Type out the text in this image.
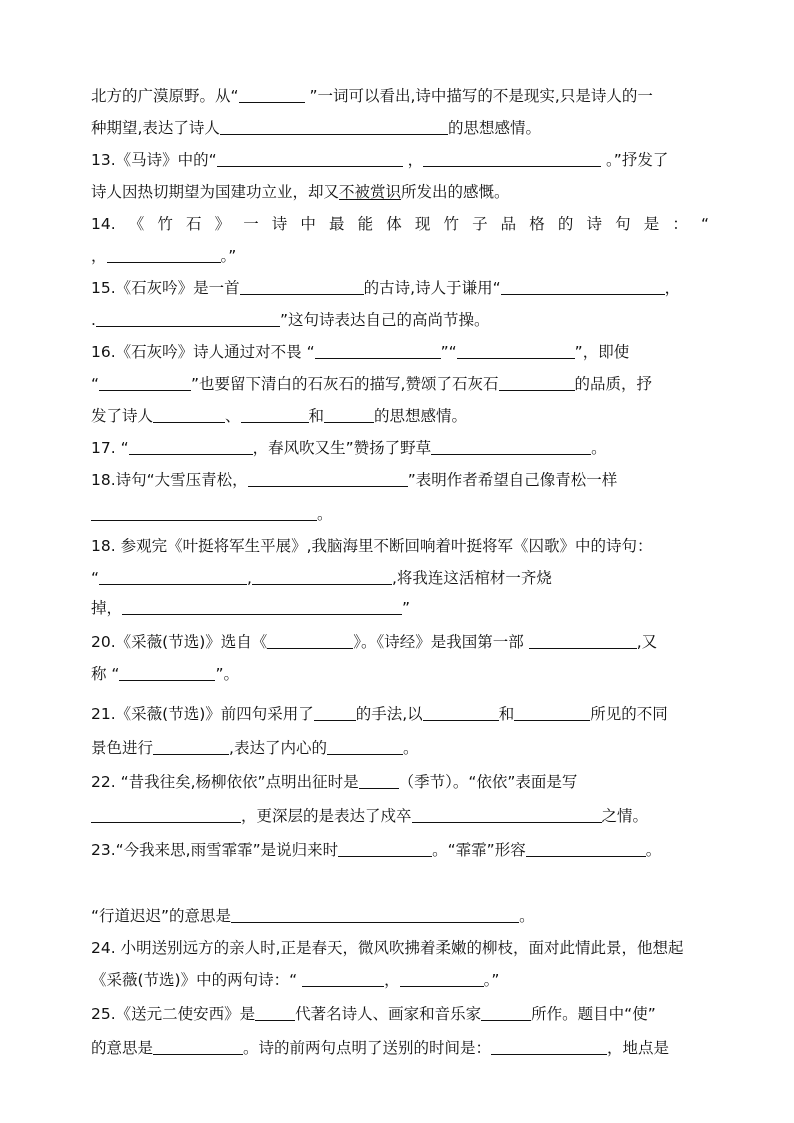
北方的广漠原野。从“	”一词可以看出,诗中描写的不是现实,只是诗人的一
种期望,表达了诗人	的思想感情。
13.《马诗》中的“	，	。”抒发了
诗人因热切期望为国建功立业，却又不被赏识所发出的感慨。
14. 《 竹 石 》 一 诗 中 最 能 体 现 竹 子 品 格 的 诗 句 是 ： “
，	。”
15.《石灰吟》是一首	的古诗,诗人于谦用“	，
.	”这句诗表达自己的高尚节操。
16.《石灰吟》诗人通过对不畏 “	”“	”，即使
“	”也要留下清白的石灰石的描写,赞颂了石灰石	的品质，抒
发了诗人	、	和	的思想感情。
17. “	，春风吹又生”赞扬了野草	。
18.诗句“大雪压青松，	”表明作者希望自己像青松一样
。
18. 参观完《叶挺将军生平展》,我脑海里不断回响着叶挺将军《囚歌》中的诗句：
“	,	,将我连这活棺材一齐烧
掉，	”
20.《采薇(节选)》选自《	》。《诗经》是我国第一部	,又
称 “	”。
21.《采薇(节选)》前四句采用了	的手法,以	和	所见的不同
景色进行	,表达了内心的	。
22. “昔我往矣,杨柳依依”点明出征时是	（季节）。“依依”表面是写
，更深层的是表达了戍卒	之情。
23.“今我来思,雨雪霏霏”是说归来时	。“霏霏”形容	。
“行道迟迟”的意思是	。
24. 小明送别远方的亲人时,正是春天，微风吹拂着柔嫩的柳枝，面对此情此景，他想起
《采薇(节选)》中的两句诗：“	，	。”
25.《送元二使安西》是	代著名诗人、画家和音乐家	所作。题目中“使”
的意思是	。诗的前两句点明了送别的时间是：	，地点是
